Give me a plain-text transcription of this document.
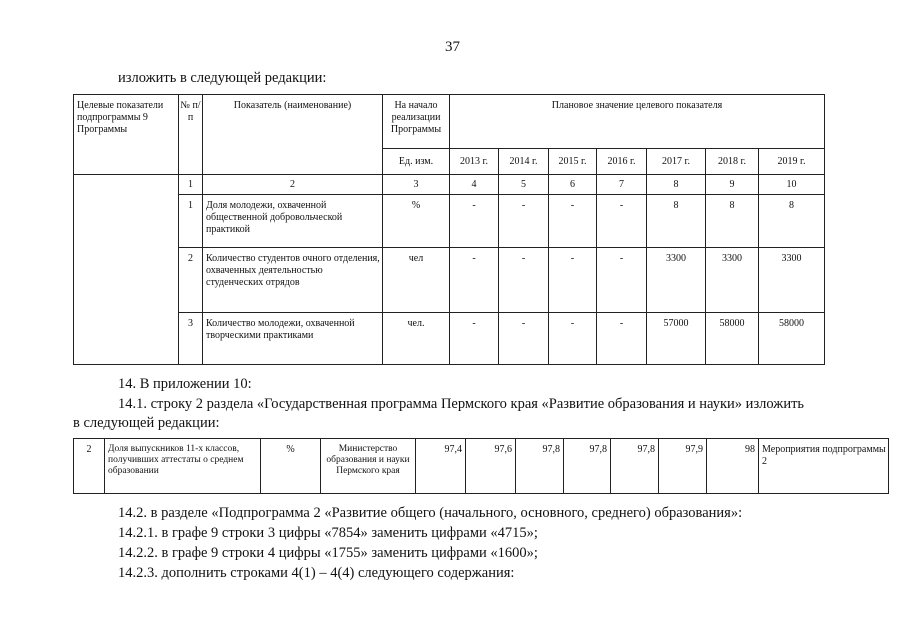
37
изложить в следующей редакции:
Целевые показатели подпрограммы 9 Программы	№ п/п	Показатель (наименование)	На начало реализации Программы	Плановое значение целевого показателя						
			Ед. изм.	2013 г.	2014 г.	2015 г.	2016 г.	2017 г.	2018 г.	2019 г.
	1	2	3	4	5	6	7	8	9	10
	1	Доля молодежи, охваченной общественной добровольческой практикой	%	-	-	-	-	8	8	8
	2	Количество студентов очного отделения, охваченных деятельностью студенческих отрядов	чел	-	-	-	-	3300	3300	3300
	3	Количество молодежи, охваченной творческими практиками	чел.	-	-	-	-	57000	58000	58000
14. В приложении 10:
14.1. строку 2 раздела «Государственная программа Пермского края «Развитие образования и науки» изложить
в следующей редакции:
2	Доля выпускников 11-х классов, получивших аттестаты о среднем образовании	%	Министерство образования и науки Пермского края	97,4	97,6	97,8	97,8	97,8	97,9	98	Мероприятия подпрограммы 2
14.2. в разделе «Подпрограмма 2 «Развитие общего (начального, основного, среднего) образования»:
14.2.1. в графе 9 строки 3 цифры «7854» заменить цифрами «4715»;
14.2.2. в графе 9 строки 4 цифры «1755» заменить цифрами «1600»;
14.2.3. дополнить строками 4(1) – 4(4) следующего содержания:
